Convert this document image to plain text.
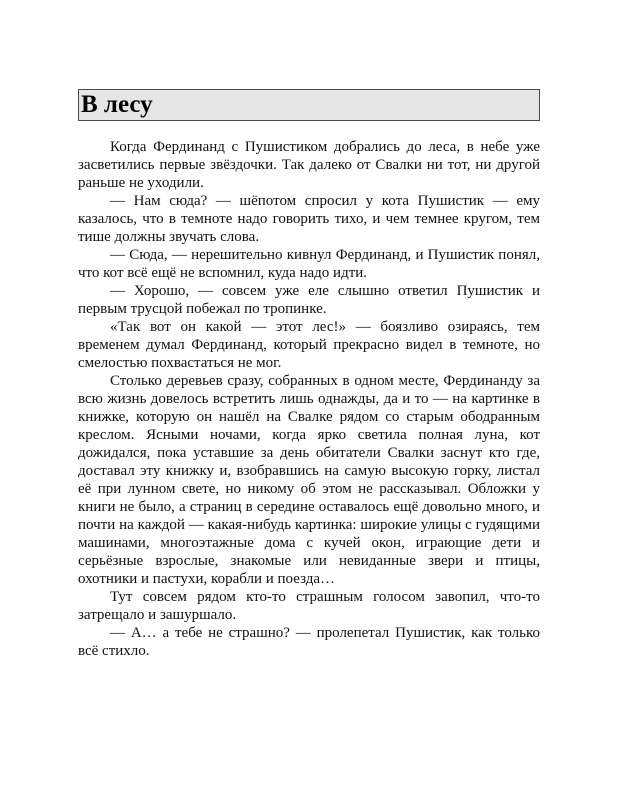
В лесу

Когда Фердинанд с Пушистиком добрались до леса, в небе уже засветились первые звёздочки. Так далеко от Свалки ни тот, ни другой раньше не уходили.

— Нам сюда? — шёпотом спросил у кота Пушистик — ему казалось, что в темноте надо говорить тихо, и чем темнее кругом, тем тише должны звучать слова.

— Сюда, — нерешительно кивнул Фердинанд, и Пушистик понял, что кот всё ещё не вспомнил, куда надо идти.

— Хорошо, — совсем уже еле слышно ответил Пушистик и первым трусцой побежал по тропинке.

«Так вот он какой — этот лес!» — боязливо озираясь, тем временем думал Фердинанд, который прекрасно видел в темноте, но смелостью похвастаться не мог.

Столько деревьев сразу, собранных в одном месте, Фердинанду за всю жизнь довелось встретить лишь однажды, да и то — на картинке в книжке, которую он нашёл на Свалке рядом со старым ободранным креслом. Ясными ночами, когда ярко светила полная луна, кот дожидался, пока уставшие за день обитатели Свалки заснут кто где, доставал эту книжку и, взобравшись на самую высокую горку, листал её при лунном свете, но никому об этом не рассказывал. Обложки у книги не было, а страниц в середине оставалось ещё довольно много, и почти на каждой — какая-нибудь картинка: широкие улицы с гудящими машинами, многоэтажные дома с кучей окон, играющие дети и серьёзные взрослые, знакомые или невиданные звери и птицы, охотники и пастухи, корабли и поезда…

Тут совсем рядом кто-то страшным голосом завопил, что-то затрещало и зашуршало.

— А… а тебе не страшно? — пролепетал Пушистик, как только всё стихло.
